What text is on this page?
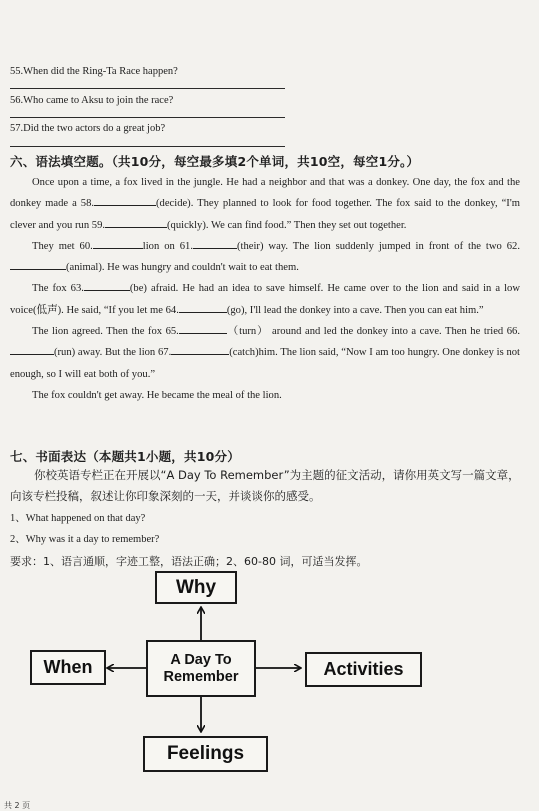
55.When did the Ring-Ta Race happen?
56.Who came to Aksu to join the race?
57.Did the two actors do a great job?
六、语法填空题。（共10分，每空最多填2个单词，共10空，每空1分。）

Once upon a time, a fox lived in the jungle. He had a neighbor and that was a donkey. One day, the fox and the donkey made a 58.	(decide). They planned to look for food together. The fox said to the donkey, “I'm clever and you run 59.	(quickly). We can find food.” Then they set out together.

They met 60.	lion on 61.	(their) way. The lion suddenly jumped in front of the two 62.(animal). He was hungry and couldn't wait to eat them.

The fox 63.	(be) afraid. He had an idea to save himself. He came over to the lion and said in a low voice(低声). He said, “If you let me 64.	(go), I'll lead the donkey into a cave. Then you can eat him.”

The lion agreed. Then the fox 65.	（turn） around and led the donkey into a cave. Then he tried 66.(run) away. But the lion 67.	(catch)him. The lion said, “Now I am too hungry. One donkey is not enough, so I will eat both of you.”

The fox couldn't get away. He became the meal of the lion.

七、书面表达（本题共1小题，共10分）
你校英语专栏正在开展以“A Day To Remember”为主题的征文活动，请你用英文写一篇文章，向该专栏投稿，叙述让你印象深刻的一天，并谈谈你的感受。
1、What happened on that day?
2、Why was it a day to remember?
要求：1、语言通顺，字迹工整，语法正确；2、60-80 词，可适当发挥。
Why
When	A Day To Remember	Activities
Feelings
共 2 页
